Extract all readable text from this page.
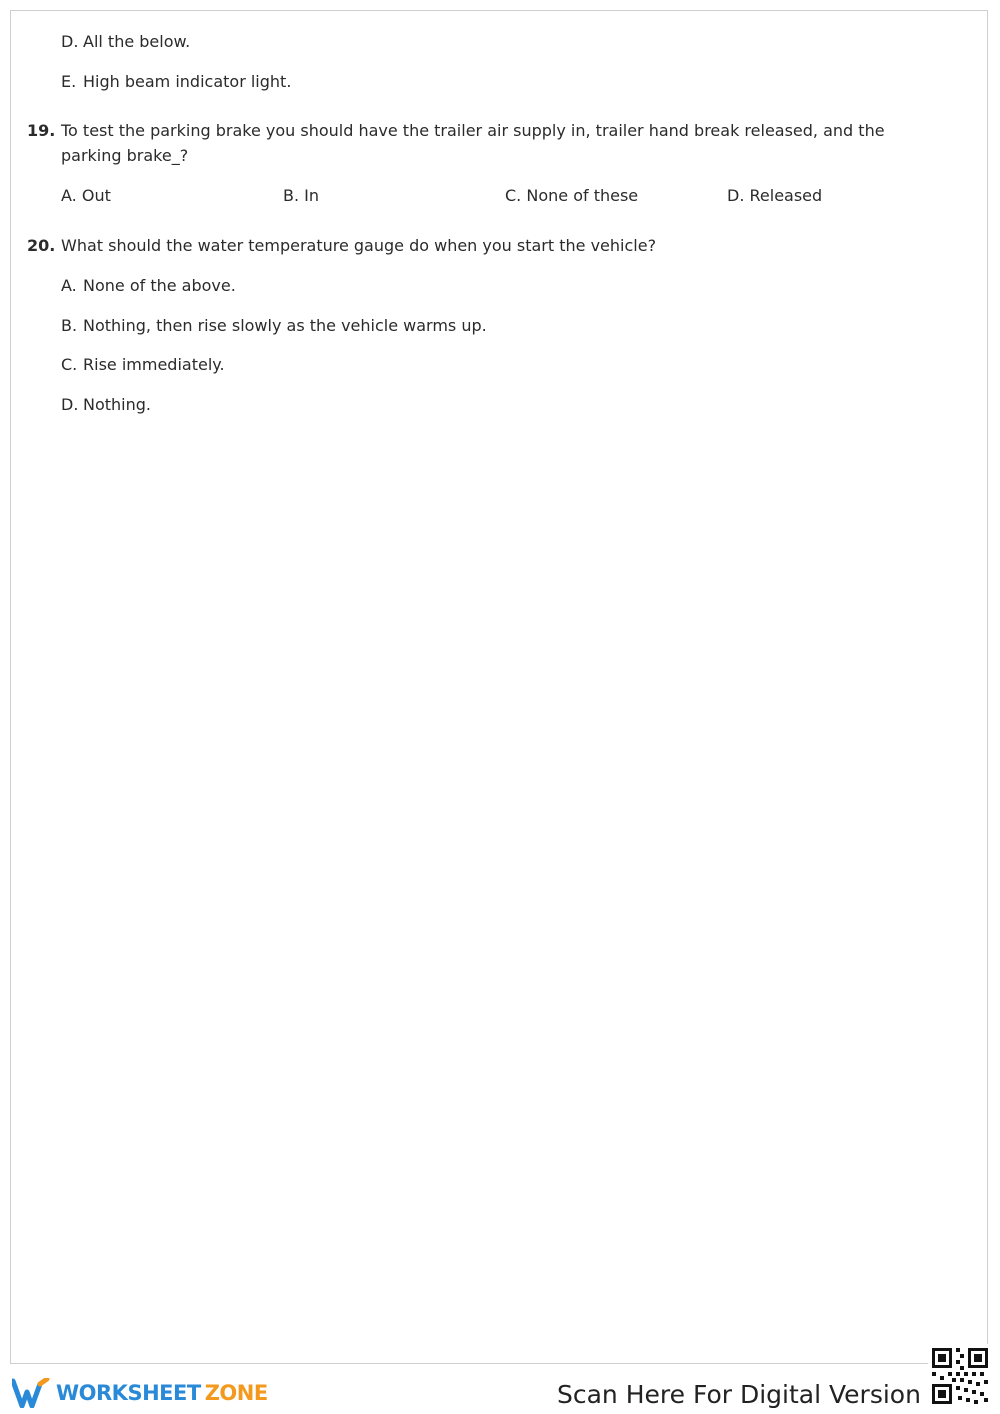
D. All the below.
E. High beam indicator light.
19. To test the parking brake you should have the trailer air supply in, trailer hand break released, and the
parking brake_?
A. Out	B. In	C. None of these	D. Released
20. What should the water temperature gauge do when you start the vehicle?
A. None of the above.
B. Nothing, then rise slowly as the vehicle warms up.
C. Rise immediately.
D. Nothing.
WORKSHEET ZONE	Scan Here For Digital Version
